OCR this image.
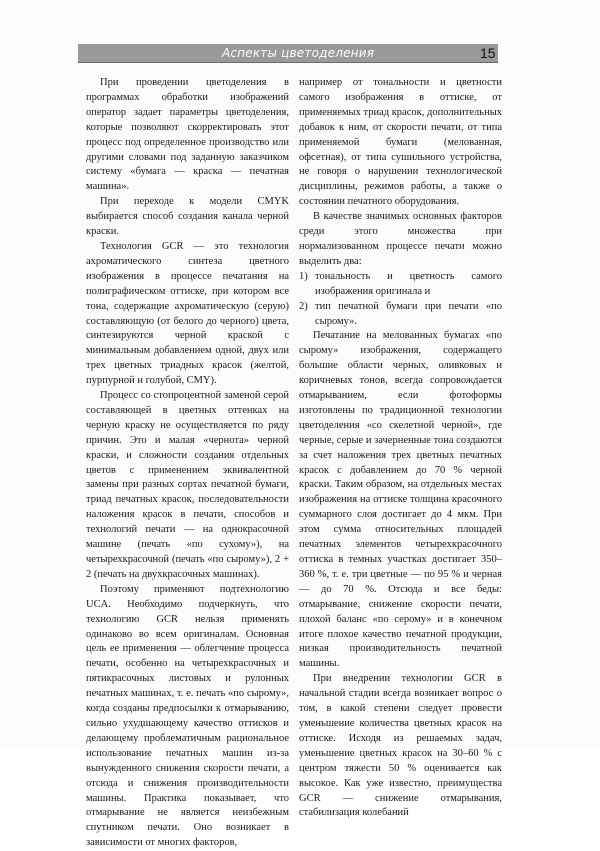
Аспекты цветоделения	15

При проведении цветоделения в программах обработки изображений оператор задает параметры цветоделения, которые позволяют скорректировать этот процесс под определенное производство или другими словами под заданную заказчиком систему «бумага — краска — печатная машина».

При переходе к модели CMYK выбирается способ создания канала черной краски.

Технология GCR — это технология ахроматического синтеза цветного изображения в процессе печатания на полиграфическом оттиске, при котором все тона, содержащие ахроматическую (серую) составляющую (от белого до черного) цвета, синтезируются черной краской с минимальным добавлением одной, двух или трех цветных триадных красок (желтой, пурпурной и голубой, CMY).

Процесс со стопроцентной заменой серой составляющей в цветных оттенках на черную краску не осуществляется по ряду причин. Это и малая «чернота» черной краски, и сложности создания отдельных цветов с применением эквивалентной замены при разных сортах печатной бумаги, триад печатных красок, последовательности наложения красок в печати, способов и технологий печати — на однокрасочной машине (печать «по сухому»), на четырехкрасочной (печать «по сырому»), 2 + 2 (печать на двухкрасочных машинах).

Поэтому применяют подтехнологию UCA. Необходимо подчеркнуть, что технологию GCR нельзя применять одинаково во всем оригиналам. Основная цель ее применения — облегчение процесса печати, особенно на четырехкрасочных и пятикрасочных листовых и рулонных печатных машинах, т. е. печать «по сырому», когда созданы предпосылки к отмарыванию, сильно ухудшающему качество оттисков и делающему проблематичным рациональное использование печатных машин из-за вынужденного снижения скорости печати, а отсюда и снижения производительности машины. Практика показывает, что отмарывание не является неизбежным спутником печати. Оно возникает в зависимости от многих факторов,

например от тональности и цветности самого изображения в оттиске, от применяемых триад красок, дополнительных добавок к ним, от скорости печати, от типа применяемой бумаги (мелованная, офсетная), от типа сушильного устройства, не говоря о нарушении технологической дисциплины, режимов работы, а также о состоянии печатного оборудования.

В качестве значимых основных факторов среди этого множества при нормализованном процессе печати можно выделить два:

1) тональность и цветность самого изображения оригинала и
2) тип печатной бумаги при печати «по сырому».

Печатание на мелованных бумагах «по сырому» изображения, содержащего большие области черных, оливковых и коричневых тонов, всегда сопровождается отмарыванием, если фотоформы изготовлены по традиционной технологии цветоделения «со скелетной черной», где черные, серые и зачерненные тона создаются за счет наложения трех цветных печатных красок с добавлением до 70 % черной краски. Таким образом, на отдельных местах изображения на оттиске толщина красочного суммарного слоя достигает до 4 мкм. При этом сумма относительных площадей печатных элементов четырехкрасочного оттиска в темных участках достигает 350–360 %, т. е. три цветные — по 95 % и черная — до 70 %. Отсюда и все беды: отмарывание, снижение скорости печати, плохой баланс «по серому» и в конечном итоге плохое качество печатной продукции, низкая производительность печатной машины.

При внедрении технологии GCR в начальной стадии всегда возникает вопрос о том, в какой степени следует провести уменьшение количества цветных красок на оттиске. Исходя из решаемых задач, уменьшение цветных красок на 30–60 % с центром тяжести 50 % оценивается как высокое. Как уже известно, преимущества GCR — снижение отмарывания, стабилизация колебаний
